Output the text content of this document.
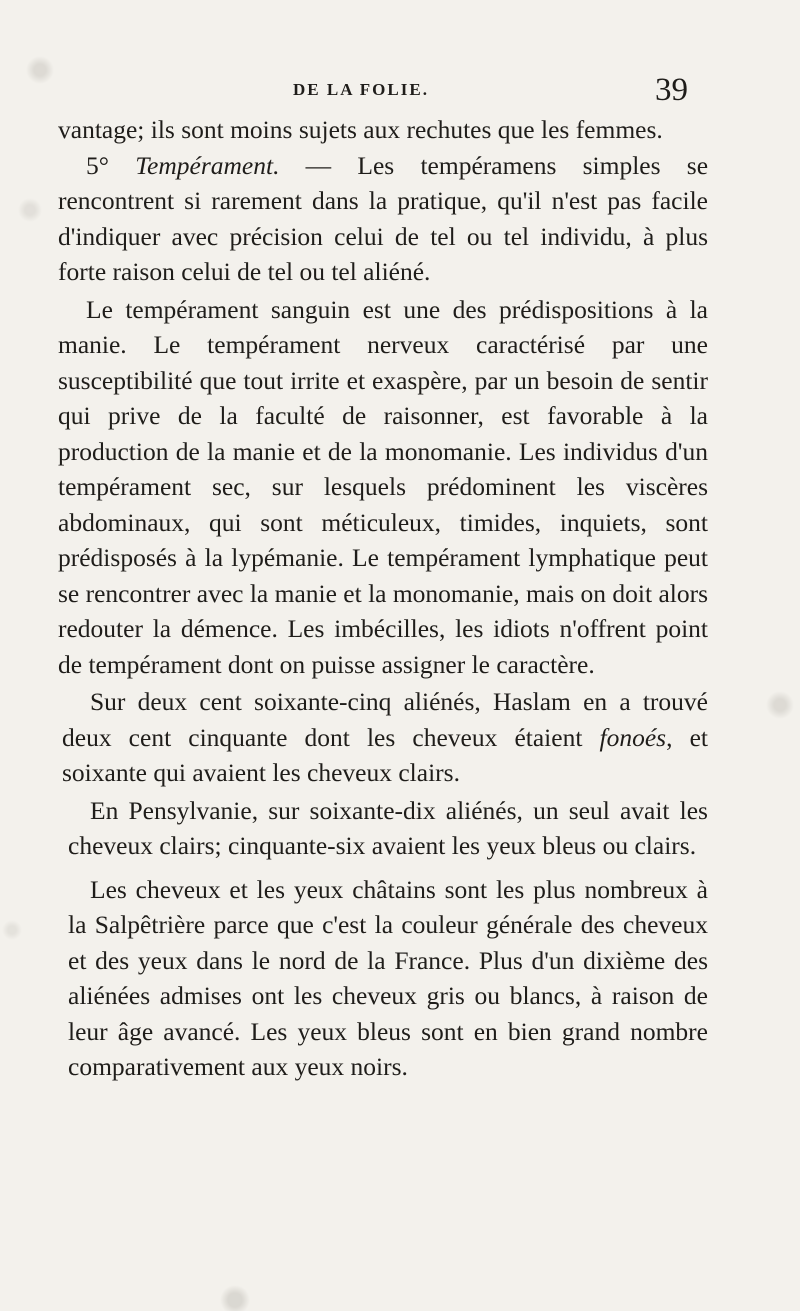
DE LA FOLIE.	39

vantage; ils sont moins sujets aux rechutes que les femmes.

5° Tempérament. — Les tempéramens simples se rencontrent si rarement dans la pratique, qu'il n'est pas facile d'indiquer avec précision celui de tel ou tel individu, à plus forte raison celui de tel ou tel aliéné.

Le tempérament sanguin est une des prédispositions à la manie. Le tempérament nerveux caractérisé par une susceptibilité que tout irrite et exaspère, par un besoin de sentir qui prive de la faculté de raisonner, est favorable à la production de la manie et de la monomanie. Les individus d'un tempérament sec, sur lesquels prédominent les viscères abdominaux, qui sont méticuleux, timides, inquiets, sont prédisposés à la lypémanie. Le tempérament lymphatique peut se rencontrer avec la manie et la monomanie, mais on doit alors redouter la démence. Les imbécilles, les idiots n'offrent point de tempérament dont on puisse assigner le caractère.

Sur deux cent soixante-cinq aliénés, Haslam en a trouvé deux cent cinquante dont les cheveux étaient fonoés, et soixante qui avaient les cheveux clairs.

En Pensylvanie, sur soixante-dix aliénés, un seul avait les cheveux clairs; cinquante-six avaient les yeux bleus ou clairs.

Les cheveux et les yeux châtains sont les plus nombreux à la Salpêtrière parce que c'est la couleur générale des cheveux et des yeux dans le nord de la France. Plus d'un dixième des aliénées admises ont les cheveux gris ou blancs, à raison de leur âge avancé. Les yeux bleus sont en bien grand nombre comparativement aux yeux noirs.
